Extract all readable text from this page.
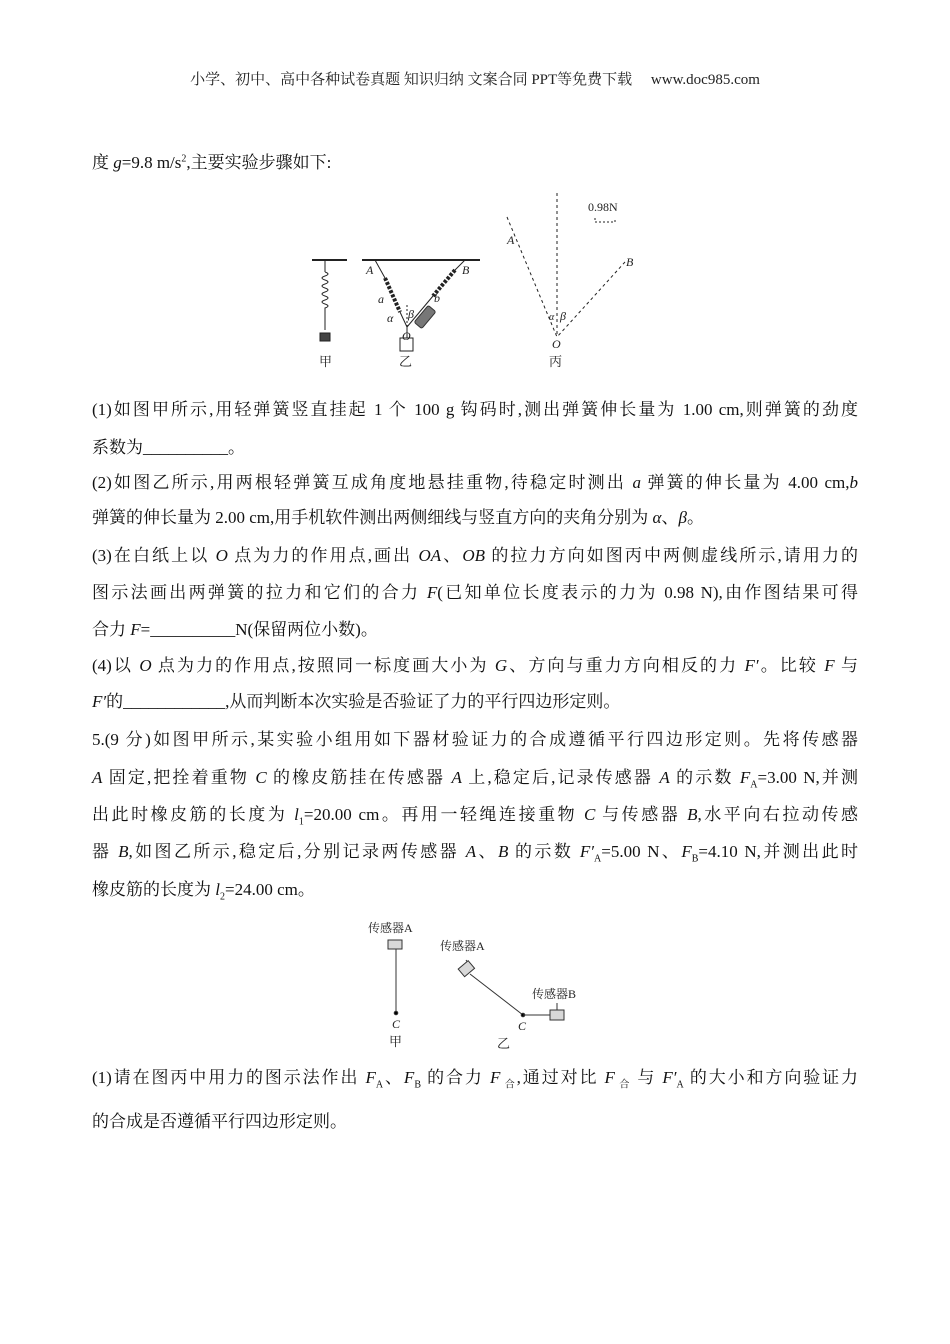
小学、初中、高中各种试卷真题 知识归纳 文案合同 PPT等免费下载     www.doc985.com
度 g=9.8 $m/s^2$,主要实验步骤如下:
(1)如图甲所示,用轻弹簧竖直挂起 1 个 100 g 钩码时,测出弹簧伸长量为 1.00 cm,则弹簧的劲度
系数为__________。
(2)如图乙所示,用两根轻弹簧互成角度地悬挂重物,待稳定时测出 a 弹簧的伸长量为 4.00 cm,b
弹簧的伸长量为 2.00 cm,用手机软件测出两侧细线与竖直方向的夹角分别为 α、β。
(3)在白纸上以 O 点为力的作用点,画出 OA、OB 的拉力方向如图丙中两侧虚线所示,请用力的
图示法画出两弹簧的拉力和它们的合力 F(已知单位长度表示的力为 0.98 N),由作图结果可得
合力 F=__________N(保留两位小数)。
(4)以 O 点为力的作用点,按照同一标度画大小为 G、方向与重力方向相反的力 F′。比较 F 与
F′的____________,从而判断本次实验是否验证了力的平行四边形定则。
5.(9 分)如图甲所示,某实验小组用如下器材验证力的合成遵循平行四边形定则。先将传感器
A 固定,把拴着重物 C 的橡皮筋挂在传感器 A 上,稳定后,记录传感器 A 的示数 $F_A=3.00$ N,并测
出此时橡皮筋的长度为 $l_1=20.00$ cm。再用一轻绳连接重物 C 与传感器 B,水平向右拉动传感
器 B,如图乙所示,稳定后,分别记录两传感器 A、B 的示数 $F'_A=5.00$ N、$F_B=4.10$ N,并测出此时
橡皮筋的长度为 $l_2=24.00$ cm。
(1)请在图丙中用力的图示法作出 $F_A$、$F_B$ 的合力 F $_合$,通过对比 F $_合$ 与 $F'_A$ 的大小和方向验证力
的合成是否遵循平行四边形定则。
甲	乙	丙
A	B
a	b
α β
O
A
B
β
α
O
0.98N
传感器A
传感器A
传感器B
C	C
甲	乙
